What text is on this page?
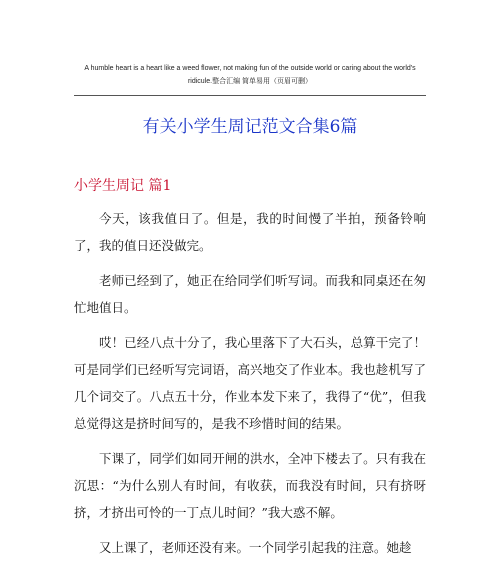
A humble heart is a heart like a weed flower, not making fun of the outside world or caring about the world's
ridicule.整合汇编 简单易用（页眉可删）
有关小学生周记范文合集6篇
小学生周记 篇1

今天，该我值日了。但是，我的时间慢了半拍，预备铃响了，我的值日还没做完。

老师已经到了，她正在给同学们听写词。而我和同桌还在匆忙地值日。

哎！已经八点十分了，我心里落下了大石头，总算干完了！可是同学们已经听写完词语，高兴地交了作业本。我也趁机写了几个词交了。八点五十分，作业本发下来了，我得了“优”，但我总觉得这是挤时间写的，是我不珍惜时间的结果。

下课了，同学们如同开闸的洪水，全冲下楼去了。只有我在沉思：“为什么别人有时间，有收获，而我没有时间，只有挤呀挤，才挤出可怜的一丁点儿时间？”我大惑不解。

又上课了，老师还没有来。一个同学引起我的注意。她趁
